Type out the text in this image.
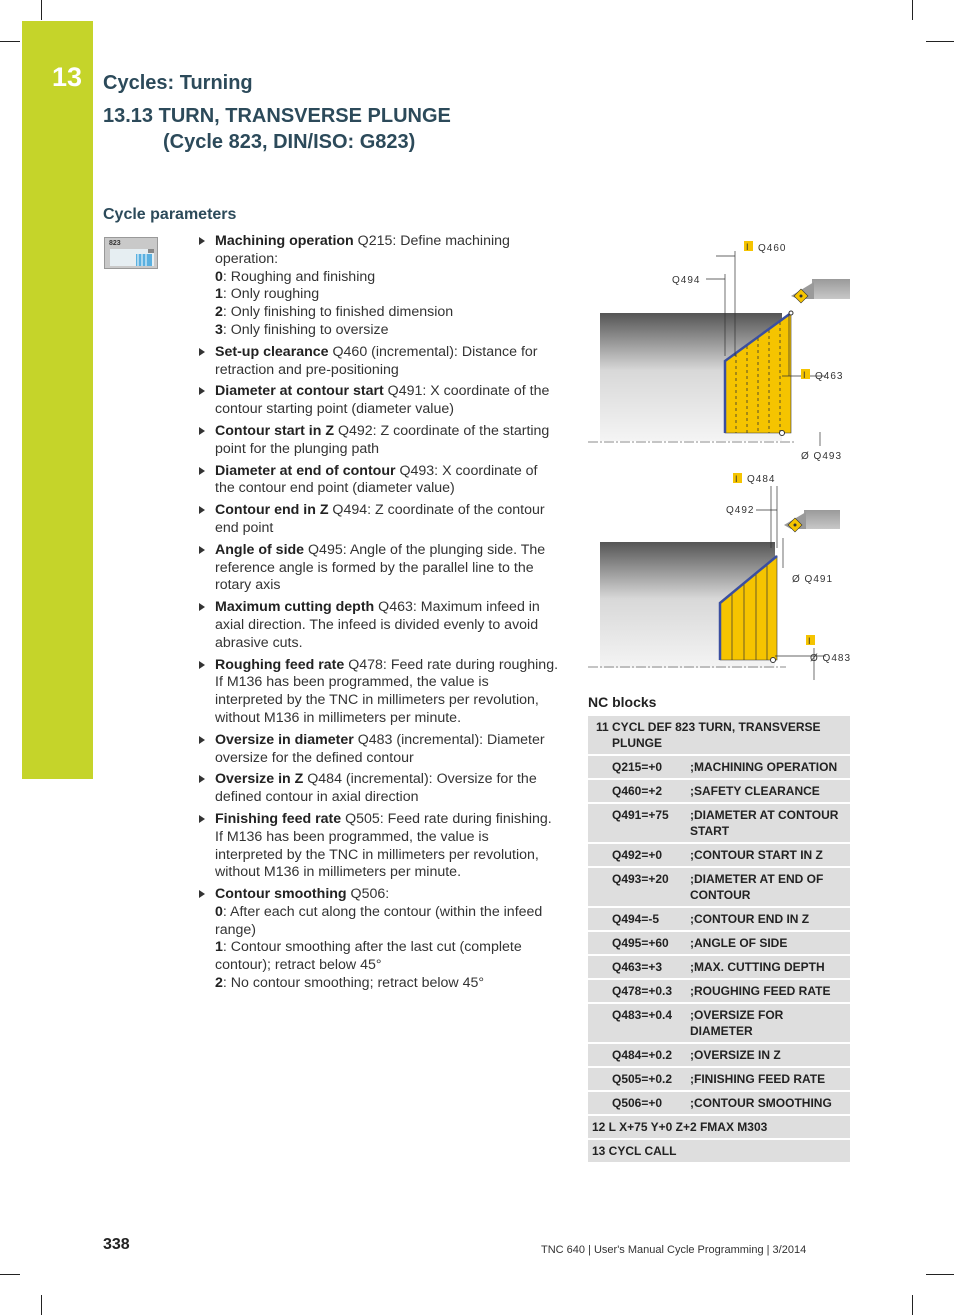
13 Cycles: Turning
13.13 TURN, TRANSVERSE PLUNGE
(Cycle 823, DIN/ISO: G823)
Cycle parameters
823	Machining operation Q215: Define machining operation:
0: Roughing and finishing
1: Only roughing
2: Only finishing to finished dimension
3: Only finishing to oversize
Set-up clearance Q460 (incremental): Distance for retraction and pre-positioning
Diameter at contour start Q491: X coordinate of the contour starting point (diameter value)
Contour start in Z Q492: Z coordinate of the starting point for the plunging path
Diameter at end of contour Q493: X coordinate of the contour end point (diameter value)
Contour end in Z Q494: Z coordinate of the contour end point
Angle of side Q495: Angle of the plunging side. The reference angle is formed by the parallel line to the rotary axis
Maximum cutting depth Q463: Maximum infeed in axial direction. The infeed is divided evenly to avoid abrasive cuts.
Roughing feed rate Q478: Feed rate during roughing. If M136 has been programmed, the value is interpreted by the TNC in millimeters per revolution, without M136 in millimeters per minute.
Oversize in diameter Q483 (incremental): Diameter oversize for the defined contour
Oversize in Z Q484 (incremental): Oversize for the defined contour in axial direction
Finishing feed rate Q505: Feed rate during finishing. If M136 has been programmed, the value is interpreted by the TNC in millimeters per revolution, without M136 in millimeters per minute.
Contour smoothing Q506:
0: After each cut along the contour (within the infeed range)
1: Contour smoothing after the last cut (complete contour); retract below 45°
2: No contour smoothing; retract below 45°
I Q460
Q494
I Q463
Ø Q493
I Q484
Q492
Ø Q491
I
Ø Q483
NC blocks
11 CYCL DEF 823 TURN, TRANSVERSE PLUNGE	

Q215=+0	;MACHINING OPERATION
Q460=+2	;SAFETY CLEARANCE
Q491=+75	;DIAMETER AT CONTOUR START
Q492=+0	;CONTOUR START IN Z
Q493=+20	;DIAMETER AT END OF CONTOUR
Q494=-5	;CONTOUR END IN Z
Q495=+60	;ANGLE OF SIDE
Q463=+3	;MAX. CUTTING DEPTH
Q478=+0.3	;ROUGHING FEED RATE
Q483=+0.4	;OVERSIZE FOR DIAMETER
Q484=+0.2	;OVERSIZE IN Z
Q505=+0.2	;FINISHING FEED RATE
Q506=+0	;CONTOUR SMOOTHING
12 L X+75 Y+0 Z+2 FMAX M303	
13 CYCL CALL	
338	TNC 640 | User's Manual Cycle Programming | 3/2014
